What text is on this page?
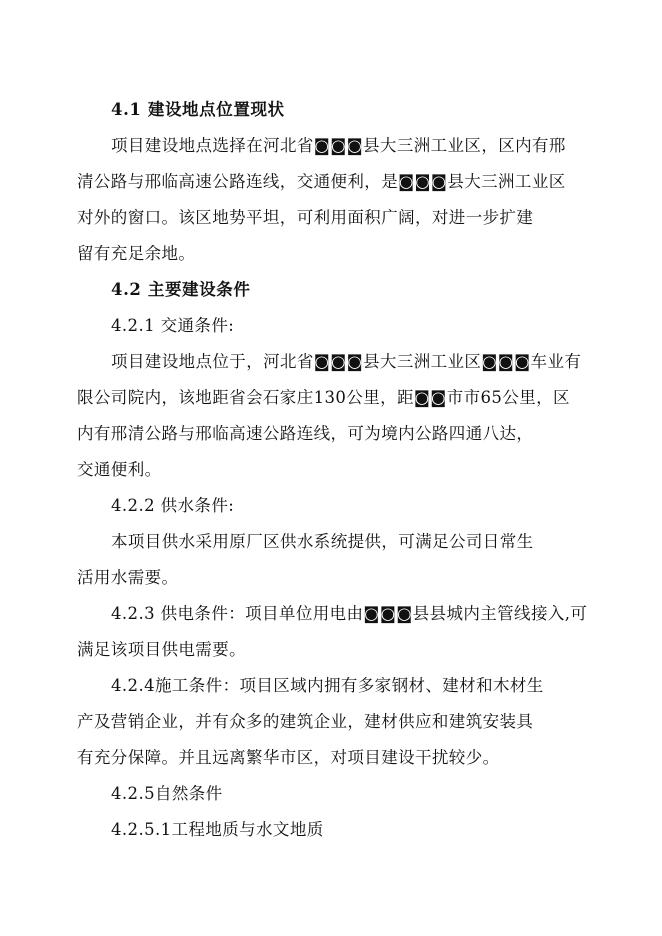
4.1 建设地点位置现状
项目建设地点选择在河北省◙◙◙县大三洲工业区，区内有邢
清公路与邢临高速公路连线，交通便利，是◙◙◙县大三洲工业区
对外的窗口。该区地势平坦，可利用面积广阔，对进一步扩建
留有充足余地。
4.2 主要建设条件
4.2.1 交通条件:
项目建设地点位于，河北省◙◙◙县大三洲工业区◙◙◙车业有
限公司院内，该地距省会石家庄130公里，距◙◙市市65公里，区
内有邢清公路与邢临高速公路连线，可为境内公路四通八达，
交通便利。
4.2.2 供水条件:
本项目供水采用原厂区供水系统提供，可满足公司日常生
活用水需要。
4.2.3 供电条件：项目单位用电由◙◙◙县县城内主管线接入,可
满足该项目供电需要。
4.2.4施工条件：项目区域内拥有多家钢材、建材和木材生
产及营销企业，并有众多的建筑企业，建材供应和建筑安装具
有充分保障。并且远离繁华市区，对项目建设干扰较少。
4.2.5自然条件
4.2.5.1工程地质与水文地质
